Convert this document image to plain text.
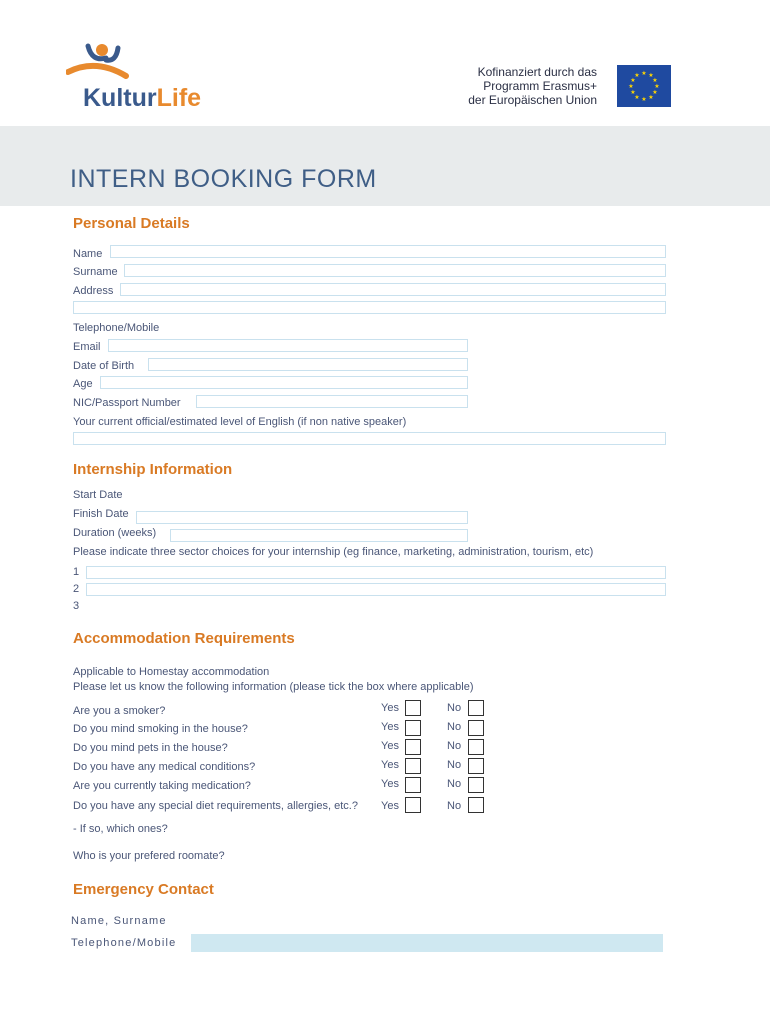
KulturLife
Kofinanziert durch das
Programm Erasmus+
der Europäischen Union
★ ★
★
★
★
★
★
★
★
★
★
★
INTERN BOOKING FORM
Personal Details
Name
Surname
Address
Telephone/Mobile
Email
Date of Birth
Age
NIC/Passport Number
Your current official/estimated level of English (if non native speaker)
Internship Information
Start Date
Finish Date
Duration (weeks)
Please indicate three sector choices for your internship (eg finance, marketing, administration, tourism, etc)
1
2
3
Accommodation Requirements
Applicable to Homestay accommodation
Please let us know the following information (please tick the box where applicable)
Are you a smoker?	Yes	No
Do you mind smoking in the house?	Yes	No
Do you mind pets in the house?	Yes	No
Do you have any medical conditions?	Yes	No
Are you currently taking medication?	Yes	No
Do you have any special diet requirements, allergies, etc.? Yes	No
- If so, which ones?
Who is your prefered roomate?
Emergency Contact
Name, Surname
Telephone/Mobile
